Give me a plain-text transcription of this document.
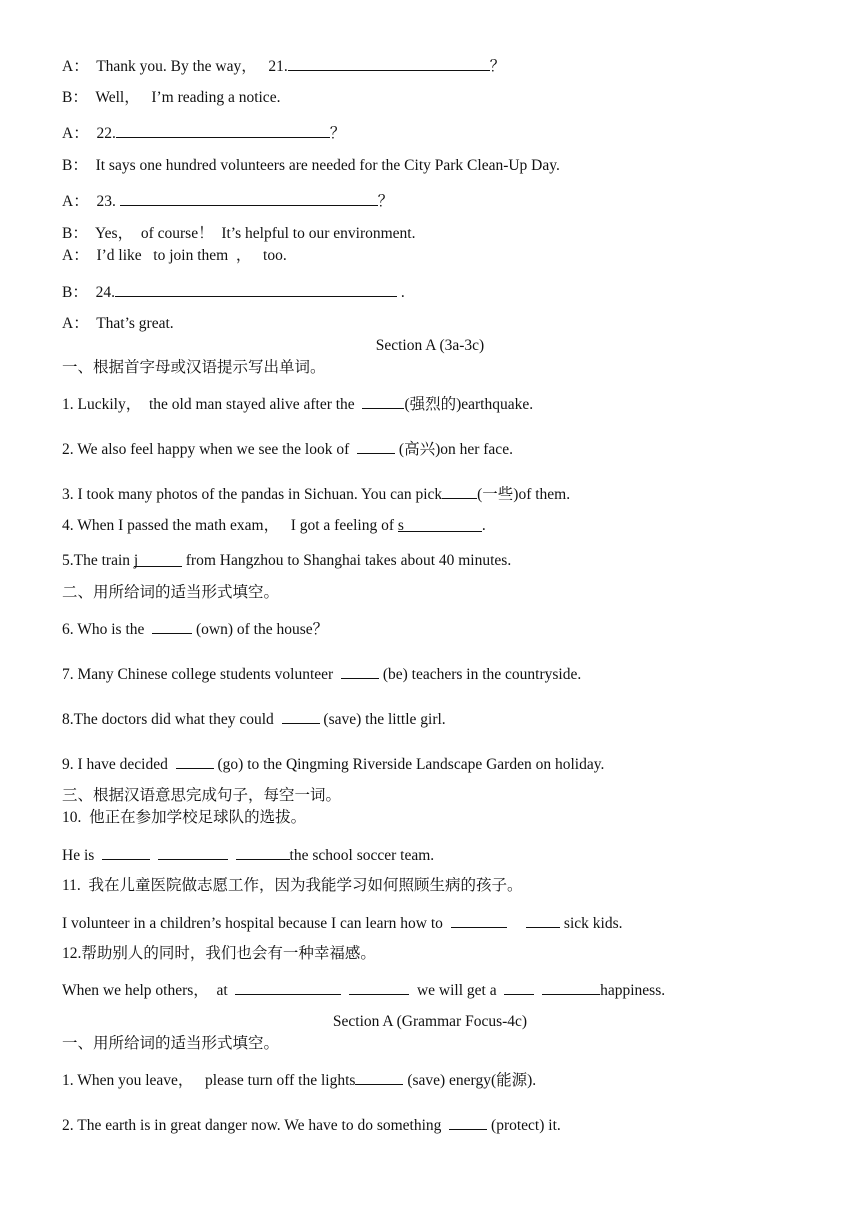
A： Thank you. By the way，   21.	？
B： Well，   I’m reading a notice.
A： 22.	？
B： It says one hundred volunteers are needed for the City Park Clean-Up Day.
A： 23.	？
B： Yes，  of course！  It’s helpful to our environment.
A： I’d like   to join them  ，   too.
B： 24.	.
A： That’s great.
Section A (3a-3c)
一、根据首字母或汉语提示写出单词。
1. Luckily，  the old man stayed alive after the	(强烈的)earthquake.
2. We also feel happy when we see the look of   (高兴)on her face.
3. I took many photos of the pandas in Sichuan. You can pick (一些)of them.
4. When I passed the math exam，   I got a feeling of s	.
5.The train j	from Hangzhou to Shanghai takes about 40 minutes.
二、用所给词的适当形式填空。
6. Who is the	(own) of the house？
7. Many Chinese college students volunteer   (be) teachers in the countryside.
8.The doctors did what they could   (save) the little girl.
9. I have decided   (go) to the Qingming Riverside Landscape Garden on holiday.
三、根据汉语意思完成句子，每空一词。
10.  他正在参加学校足球队的选拔。
He is	the school soccer team.
11.  我在儿童医院做志愿工作，因为我能学习如何照顾生病的孩子。
I volunteer in a children’s hospital because I can learn how to	sick kids.
12.帮助别人的同时，我们也会有一种幸福感。
When we help others，  at	we will get a	happiness.
Section A (Grammar Focus-4c)
一、用所给词的适当形式填空。
1. When you leave，   please turn off the lights	(save) energy(能源).
2. The earth is in great danger now. We have to do something   (protect) it.
